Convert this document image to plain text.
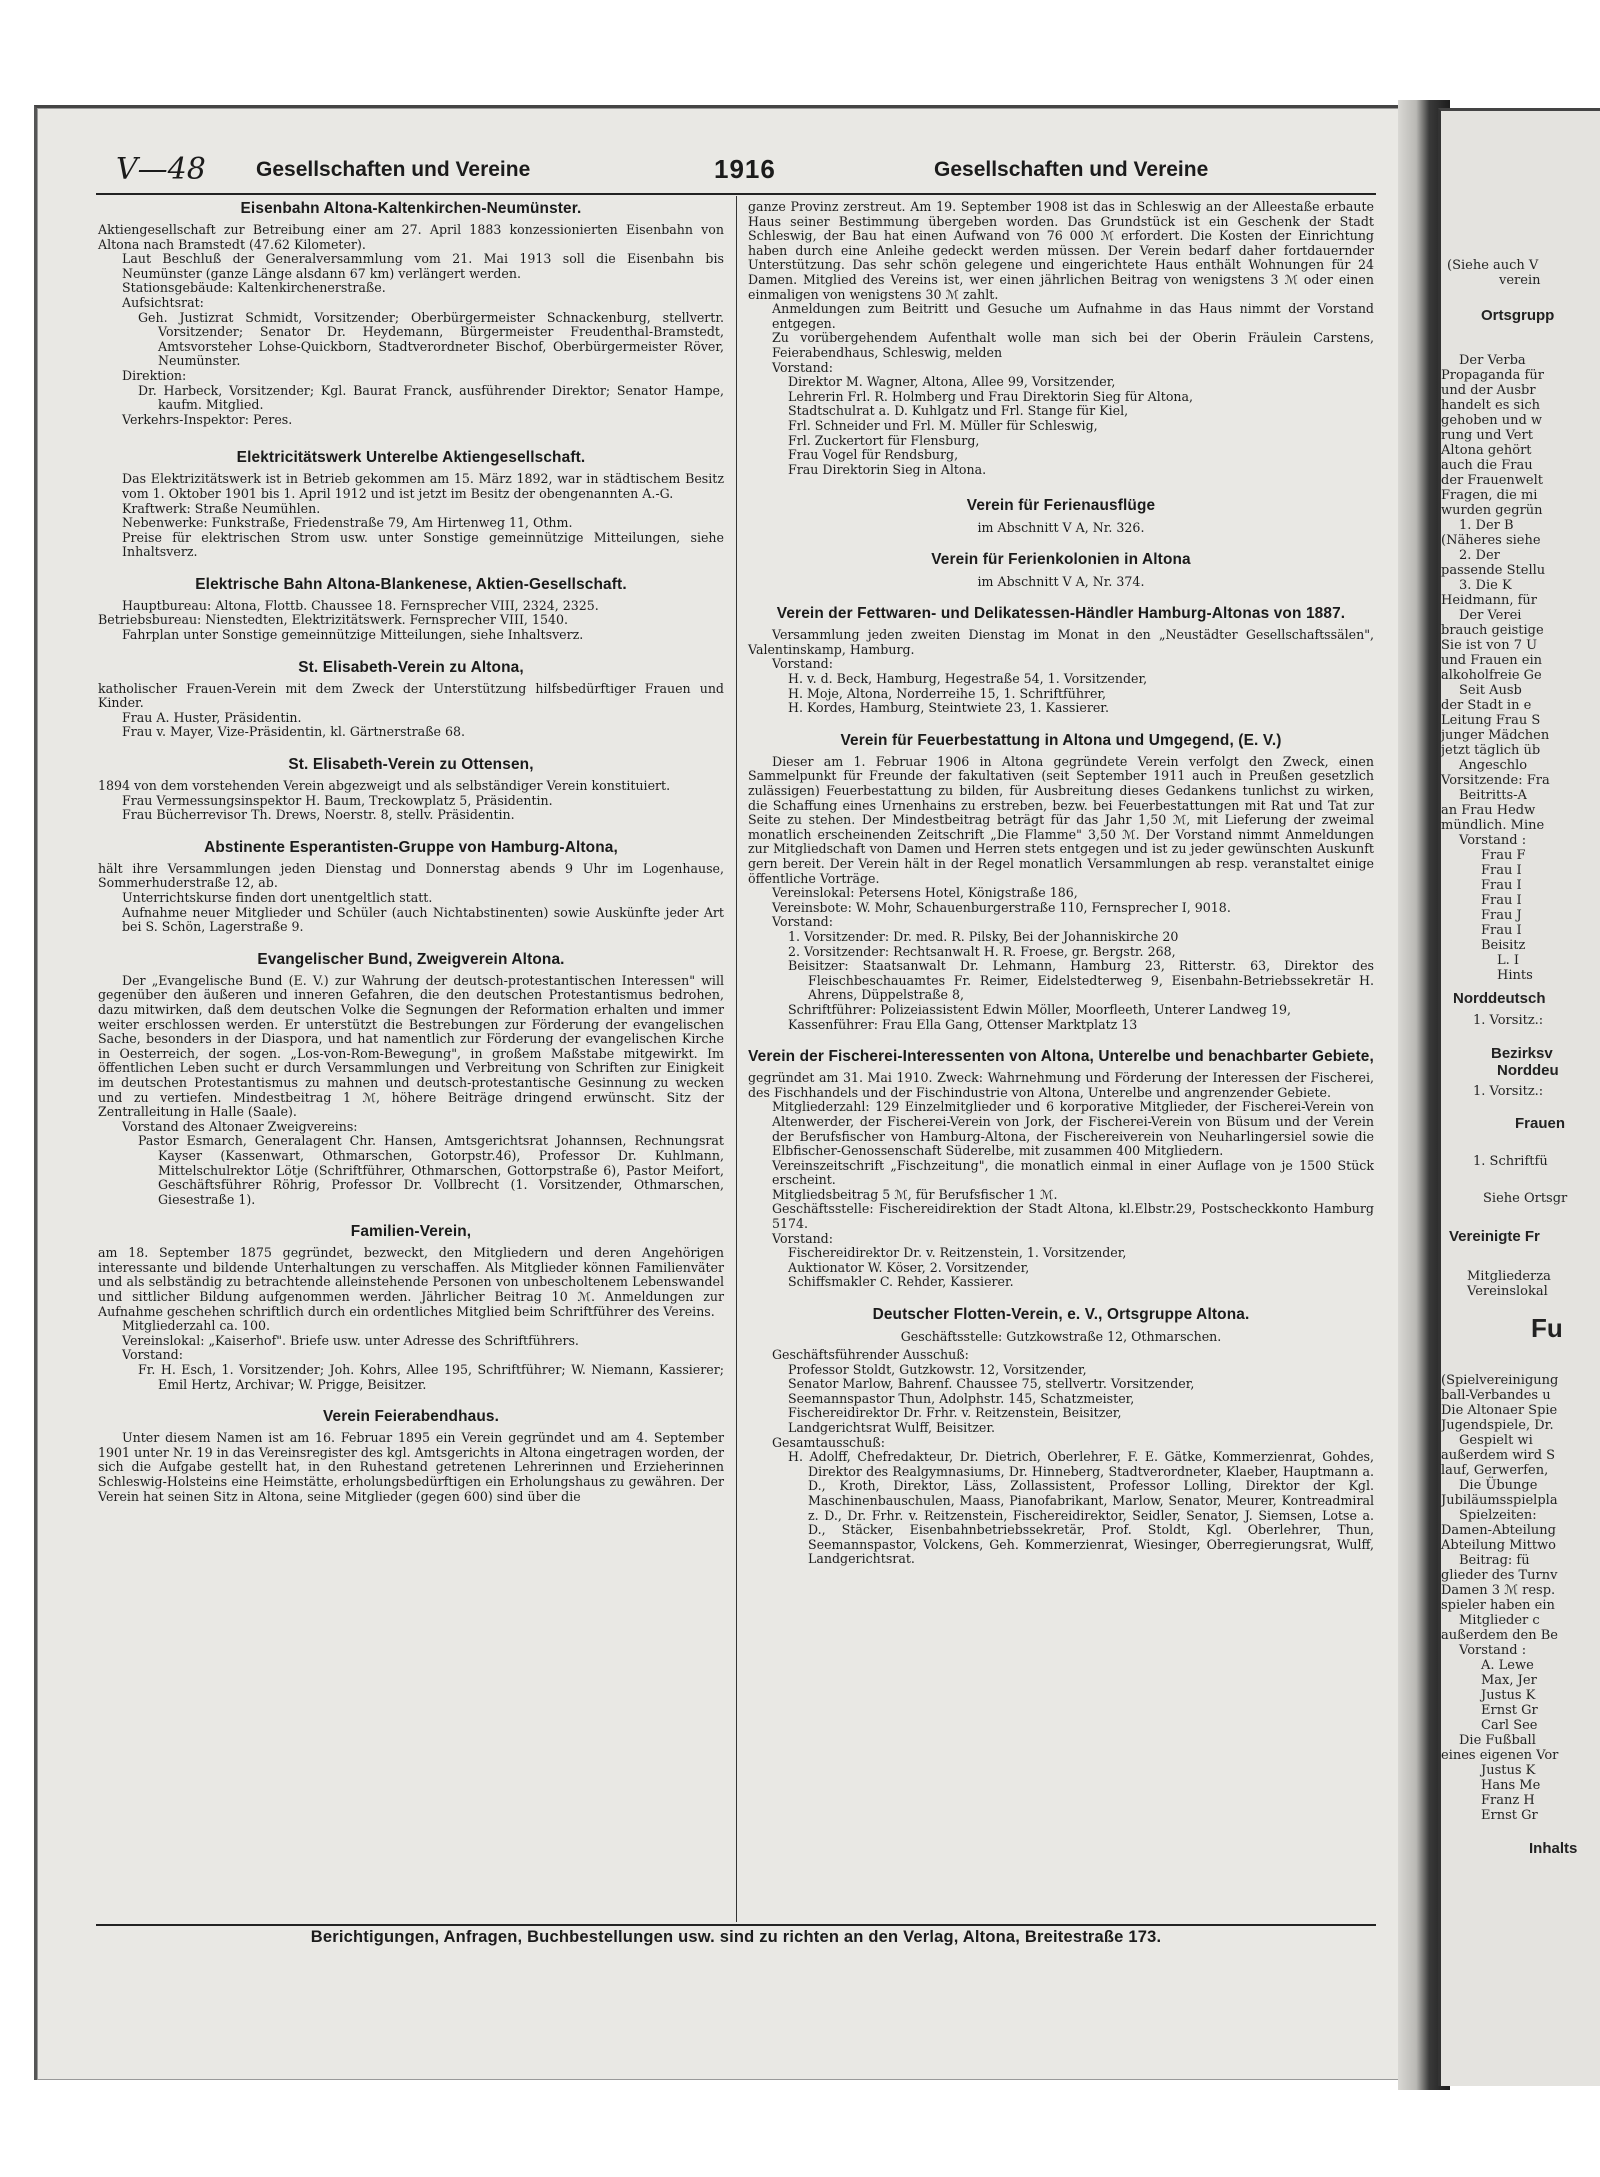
(Siehe auch V
verein
Ortsgrupp
Der Verba
Propaganda für
und der Ausbr
handelt es sich
gehoben und w
rung und Vert
Altona gehört
auch die Frau
der Frauenwelt
Fragen, die mi
wurden gegrün
1. Der B
(Näheres siehe
2. Der
passende Stellu
3. Die K
Heidmann, für
Der Verei
brauch geistige
Sie ist von 7 U
und Frauen ein
alkoholfreie Ge
Seit Ausb
der Stadt in e
Leitung Frau S
junger Mädchen
jetzt täglich üb
Angeschlo
Vorsitzende: Fra
Beitritts-A
an Frau Hedw
mündlich. Mine
Vorstand :
Frau F
Frau I
Frau I
Frau I
Frau J
Frau I
Beisitz
L. I
Hints
Norddeutsch
1. Vorsitz.:
Bezirksv
Norddeu
1. Vorsitz.:
Frauen
1. Schriftfü
Siehe Ortsgr
Vereinigte Fr
Mitgliederza
Vereinslokal
Fu
(Spielvereinigung
ball-Verbandes u
Die Altonaer Spie
Jugendspiele, Dr.
Gespielt wi
außerdem wird S
lauf, Gerwerfen,
Die Übunge
Jubiläumsspielpla
Spielzeiten:
Damen-Abteilung
Abteilung Mittwo
Beitrag: fü
glieder des Turnv
Damen 3 ℳ resp.
spieler haben ein
Mitglieder c
außerdem den Be
Vorstand :
A. Lewe
Max, Jer
Justus K
Ernst Gr
Carl See
Die Fußball
eines eigenen Vor
Justus K
Hans Me
Franz H
Ernst Gr
Inhalts
V—48 Gesellschaften und Vereine	1916	Gesellschaften und Vereine
Eisenbahn Altona-Kaltenkirchen-Neumünster.
Aktiengesellschaft zur Betreibung einer am 27. April 1883 konzessionierten Eisenbahn von Altona nach Bramstedt (47.62 Kilometer).
Laut Beschluß der Generalversammlung vom 21. Mai 1913 soll die Eisenbahn bis Neumünster (ganze Länge alsdann 67 km) verlängert werden.
Stationsgebäude: Kaltenkirchenerstraße.
Aufsichtsrat:
Geh. Justizrat Schmidt, Vorsitzender; Oberbürgermeister Schnackenburg, stellvertr. Vorsitzender; Senator Dr. Heydemann, Bürgermeister Freudenthal-Bramstedt, Amtsvorsteher Lohse-Quickborn, Stadtverordneter Bischof, Oberbürgermeister Röver, Neumünster.
Direktion:
Dr. Harbeck, Vorsitzender; Kgl. Baurat Franck, ausführender Direktor; Senator Hampe, kaufm. Mitglied.
Verkehrs-Inspektor: Peres.
Elektricitätswerk Unterelbe Aktiengesellschaft.
Das Elektrizitätswerk ist in Betrieb gekommen am 15. März 1892, war in städtischem Besitz vom 1. Oktober 1901 bis 1. April 1912 und ist jetzt im Besitz der obengenannten A.-G.
Kraftwerk: Straße Neumühlen.
Nebenwerke: Funkstraße, Friedenstraße 79, Am Hirtenweg 11, Othm.
Preise für elektrischen Strom usw. unter Sonstige gemeinnützige Mitteilungen, siehe Inhaltsverz.
Elektrische Bahn Altona-Blankenese, Aktien-Gesellschaft.
Hauptbureau: Altona, Flottb. Chaussee 18. Fernsprecher VIII, 2324, 2325.
Betriebsbureau: Nienstedten, Elektrizitätswerk. Fernsprecher VIII, 1540.
Fahrplan unter Sonstige gemeinnützige Mitteilungen, siehe Inhaltsverz.
St. Elisabeth-Verein zu Altona,
katholischer Frauen-Verein mit dem Zweck der Unterstützung hilfsbedürftiger Frauen und Kinder.
Frau A. Huster, Präsidentin.
Frau v. Mayer, Vize-Präsidentin, kl. Gärtnerstraße 68.
St. Elisabeth-Verein zu Ottensen,
1894 von dem vorstehenden Verein abgezweigt und als selbständiger Verein konstituiert.
Frau Vermessungsinspektor H. Baum, Treckowplatz 5, Präsidentin.
Frau Bücherrevisor Th. Drews, Noerstr. 8, stellv. Präsidentin.
Abstinente Esperantisten-Gruppe von Hamburg-Altona,
hält ihre Versammlungen jeden Dienstag und Donnerstag abends 9 Uhr im Logenhause, Sommerhuderstraße 12, ab.
Unterrichtskurse finden dort unentgeltlich statt.
Aufnahme neuer Mitglieder und Schüler (auch Nichtabstinenten) sowie Auskünfte jeder Art bei S. Schön, Lagerstraße 9.
Evangelischer Bund, Zweigverein Altona.
Der „Evangelische Bund (E. V.) zur Wahrung der deutsch-protestantischen Interessen" will gegenüber den äußeren und inneren Gefahren, die den deutschen Protestantismus bedrohen, dazu mitwirken, daß dem deutschen Volke die Segnungen der Reformation erhalten und immer weiter erschlossen werden. Er unterstützt die Bestrebungen zur Förderung der evangelischen Sache, besonders in der Diaspora, und hat namentlich zur Förderung der evangelischen Kirche in Oesterreich, der sogen. „Los-von-Rom-Bewegung", in großem Maßstabe mitgewirkt. Im öffentlichen Leben sucht er durch Versammlungen und Verbreitung von Schriften zur Einigkeit im deutschen Protestantismus zu mahnen und deutsch-protestantische Gesinnung zu wecken und zu vertiefen. Mindestbeitrag 1 ℳ, höhere Beiträge dringend erwünscht. Sitz der Zentralleitung in Halle (Saale).
Vorstand des Altonaer Zweigvereins:
Pastor Esmarch, Generalagent Chr. Hansen, Amtsgerichtsrat Johannsen, Rechnungsrat Kayser (Kassenwart, Othmarschen, Gotorpstr.46), Professor Dr. Kuhlmann, Mittelschulrektor Lötje (Schriftführer, Othmarschen, Gottorpstraße 6), Pastor Meifort, Geschäftsführer Röhrig, Professor Dr. Vollbrecht (1. Vorsitzender, Othmarschen, Giesestraße 1).
Familien-Verein,
am 18. September 1875 gegründet, bezweckt, den Mitgliedern und deren Angehörigen interessante und bildende Unterhaltungen zu verschaffen. Als Mitglieder können Familienväter und als selbständig zu betrachtende alleinstehende Personen von unbescholtenem Lebenswandel und sittlicher Bildung aufgenommen werden. Jährlicher Beitrag 10 ℳ. Anmeldungen zur Aufnahme geschehen schriftlich durch ein ordentliches Mitglied beim Schriftführer des Vereins.
Mitgliederzahl ca. 100.
Vereinslokal: „Kaiserhof". Briefe usw. unter Adresse des Schriftführers.
Vorstand:
Fr. H. Esch, 1. Vorsitzender; Joh. Kohrs, Allee 195, Schriftführer; W. Niemann, Kassierer; Emil Hertz, Archivar; W. Prigge, Beisitzer.
Verein Feierabendhaus.
Unter diesem Namen ist am 16. Februar 1895 ein Verein gegründet und am 4. September 1901 unter Nr. 19 in das Vereinsregister des kgl. Amtsgerichts in Altona eingetragen worden, der sich die Aufgabe gestellt hat, in den Ruhestand getretenen Lehrerinnen und Erzieherinnen Schleswig-Holsteins eine Heimstätte, erholungsbedürftigen ein Erholungshaus zu gewähren. Der Verein hat seinen Sitz in Altona, seine Mitglieder (gegen 600) sind über die
ganze Provinz zerstreut. Am 19. September 1908 ist das in Schleswig an der Alleestaße erbaute Haus seiner Bestimmung übergeben worden. Das Grundstück ist ein Geschenk der Stadt Schleswig, der Bau hat einen Aufwand von 76 000 ℳ erfordert. Die Kosten der Einrichtung haben durch eine Anleihe gedeckt werden müssen. Der Verein bedarf daher fortdauernder Unterstützung. Das sehr schön gelegene und eingerichtete Haus enthält Wohnungen für 24 Damen. Mitglied des Vereins ist, wer einen jährlichen Beitrag von wenigstens 3 ℳ oder einen einmaligen von wenigstens 30 ℳ zahlt.
Anmeldungen zum Beitritt und Gesuche um Aufnahme in das Haus nimmt der Vorstand entgegen.
Zu vorübergehendem Aufenthalt wolle man sich bei der Oberin Fräulein Carstens, Feierabendhaus, Schleswig, melden
Vorstand:
Direktor M. Wagner, Altona, Allee 99, Vorsitzender,
Lehrerin Frl. R. Holmberg und Frau Direktorin Sieg für Altona,
Stadtschulrat a. D. Kuhlgatz und Frl. Stange für Kiel,
Frl. Schneider und Frl. M. Müller für Schleswig,
Frl. Zuckertort für Flensburg,
Frau Vogel für Rendsburg,
Frau Direktorin Sieg in Altona.
Verein für Ferienausflüge
im Abschnitt V A, Nr. 326.
Verein für Ferienkolonien in Altona
im Abschnitt V A, Nr. 374.
Verein der Fettwaren- und Delikatessen-Händler Hamburg-Altonas von 1887.
Versammlung jeden zweiten Dienstag im Monat in den „Neustädter Gesellschaftssälen", Valentinskamp, Hamburg.
Vorstand:
H. v. d. Beck, Hamburg, Hegestraße 54, 1. Vorsitzender,
H. Moje, Altona, Norderreihe 15, 1. Schriftführer,
H. Kordes, Hamburg, Steintwiete 23, 1. Kassierer.
Verein für Feuerbestattung in Altona und Umgegend, (E. V.)
Dieser am 1. Februar 1906 in Altona gegründete Verein verfolgt den Zweck, einen Sammelpunkt für Freunde der fakultativen (seit September 1911 auch in Preußen gesetzlich zulässigen) Feuerbestattung zu bilden, für Ausbreitung dieses Gedankens tunlichst zu wirken, die Schaffung eines Urnenhains zu erstreben, bezw. bei Feuerbestattungen mit Rat und Tat zur Seite zu stehen. Der Mindestbeitrag beträgt für das Jahr 1,50 ℳ, mit Lieferung der zweimal monatlich erscheinenden Zeitschrift „Die Flamme" 3,50 ℳ. Der Vorstand nimmt Anmeldungen zur Mitgliedschaft von Damen und Herren stets entgegen und ist zu jeder gewünschten Auskunft gern bereit. Der Verein hält in der Regel monatlich Versammlungen ab resp. veranstaltet einige öffentliche Vorträge.
Vereinslokal: Petersens Hotel, Königstraße 186,
Vereinsbote: W. Mohr, Schauenburgerstraße 110, Fernsprecher I, 9018.
Vorstand:
1. Vorsitzender: Dr. med. R. Pilsky, Bei der Johanniskirche 20
2. Vorsitzender: Rechtsanwalt H. R. Froese, gr. Bergstr. 268,
Beisitzer: Staatsanwalt Dr. Lehmann, Hamburg 23, Ritterstr. 63, Direktor des Fleischbeschauamtes Fr. Reimer, Eidelstedterweg 9, Eisenbahn-Betriebssekretär H. Ahrens, Düppelstraße 8,
Schriftführer: Polizeiassistent Edwin Möller, Moorfleeth, Unterer Landweg 19,
Kassenführer: Frau Ella Gang, Ottenser Marktplatz 13
Verein der Fischerei-Interessenten von Altona, Unterelbe und benachbarter Gebiete,
gegründet am 31. Mai 1910. Zweck: Wahrnehmung und Förderung der Interessen der Fischerei, des Fischhandels und der Fischindustrie von Altona, Unterelbe und angrenzender Gebiete.
Mitgliederzahl: 129 Einzelmitglieder und 6 korporative Mitglieder, der Fischerei-Verein von Altenwerder, der Fischerei-Verein von Jork, der Fischerei-Verein von Büsum und der Verein der Berufsfischer von Hamburg-Altona, der Fischereiverein von Neuharlingersiel sowie die Elbfischer-Genossenschaft Süderelbe, mit zusammen 400 Mitgliedern.
Vereinszeitschrift „Fischzeitung", die monatlich einmal in einer Auflage von je 1500 Stück erscheint.
Mitgliedsbeitrag 5 ℳ, für Berufsfischer 1 ℳ.
Geschäftsstelle: Fischereidirektion der Stadt Altona, kl.Elbstr.29, Postscheckkonto Hamburg 5174.
Vorstand:
Fischereidirektor Dr. v. Reitzenstein, 1. Vorsitzender,
Auktionator W. Köser, 2. Vorsitzender,
Schiffsmakler C. Rehder, Kassierer.
Deutscher Flotten-Verein, e. V., Ortsgruppe Altona.
Geschäftsstelle: Gutzkowstraße 12, Othmarschen.
Geschäftsführender Ausschuß:
Professor Stoldt, Gutzkowstr. 12, Vorsitzender,
Senator Marlow, Bahrenf. Chaussee 75, stellvertr. Vorsitzender,
Seemannspastor Thun, Adolphstr. 145, Schatzmeister,
Fischereidirektor Dr. Frhr. v. Reitzenstein, Beisitzer,
Landgerichtsrat Wulff, Beisitzer.
Gesamtausschuß:
H. Adolff, Chefredakteur, Dr. Dietrich, Oberlehrer, F. E. Gätke, Kommerzienrat, Gohdes, Direktor des Realgymnasiums, Dr. Hinneberg, Stadtverordneter, Klaeber, Hauptmann a. D., Kroth, Direktor, Läss, Zollassistent, Professor Lolling, Direktor der Kgl. Maschinenbauschulen, Maass, Pianofabrikant, Marlow, Senator, Meurer, Kontreadmiral z. D., Dr. Frhr. v. Reitzenstein, Fischereidirektor, Seidler, Senator, J. Siemsen, Lotse a. D., Stäcker, Eisenbahnbetriebssekretär, Prof. Stoldt, Kgl. Oberlehrer, Thun, Seemannspastor, Volckens, Geh. Kommerzienrat, Wiesinger, Oberregierungsrat, Wulff, Landgerichtsrat.
Berichtigungen, Anfragen, Buchbestellungen usw. sind zu richten an den Verlag, Altona, Breitestraße 173.
